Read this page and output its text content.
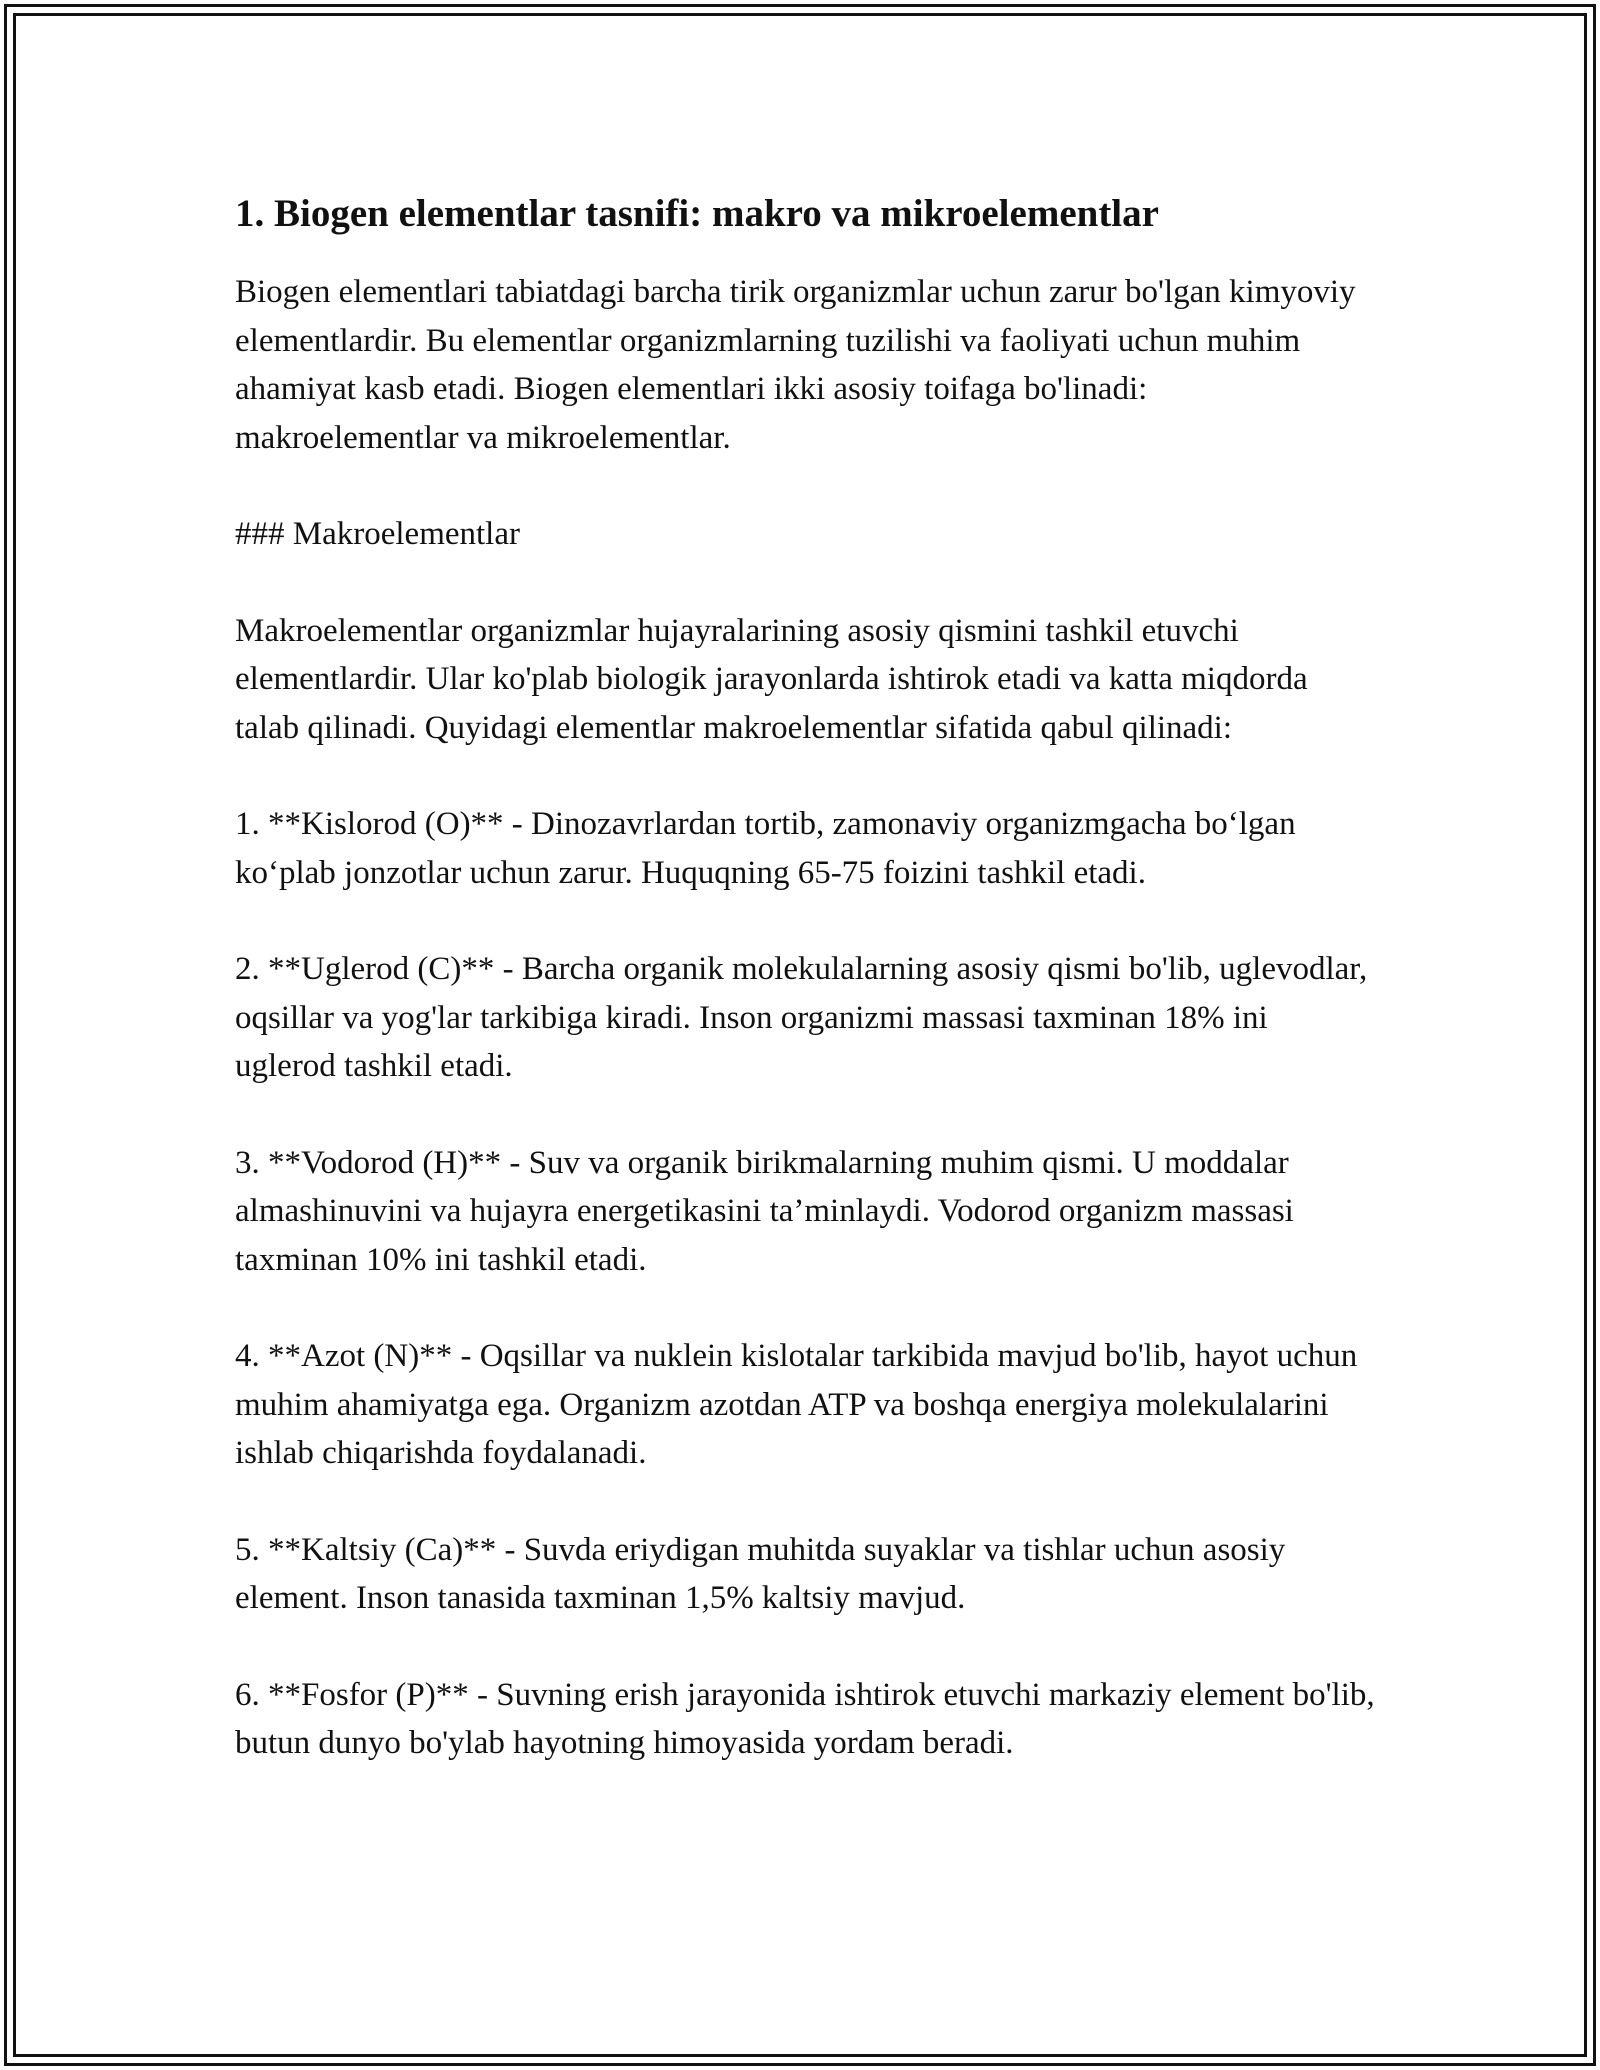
1. Biogen elementlar tasnifi: makro va mikroelementlar

Biogen elementlari tabiatdagi barcha tirik organizmlar uchun zarur bo'lgan kimyoviy elementlardir. Bu elementlar organizmlarning tuzilishi va faoliyati uchun muhim ahamiyat kasb etadi. Biogen elementlari ikki asosiy toifaga bo'linadi: makroelementlar va mikroelementlar.

### Makroelementlar

Makroelementlar organizmlar hujayralarining asosiy qismini tashkil etuvchi elementlardir. Ular ko'plab biologik jarayonlarda ishtirok etadi va katta miqdorda talab qilinadi. Quyidagi elementlar makroelementlar sifatida qabul qilinadi:

1. **Kislorod (O)** - Dinozavrlardan tortib, zamonaviy organizmgacha bo‘lgan ko‘plab jonzotlar uchun zarur. Huquqning 65-75 foizini tashkil etadi.

2. **Uglerod (C)** - Barcha organik molekulalarning asosiy qismi bo'lib, uglevodlar, oqsillar va yog'lar tarkibiga kiradi. Inson organizmi massasi taxminan 18% ini uglerod tashkil etadi.

3. **Vodorod (H)** - Suv va organik birikmalarning muhim qismi. U moddalar almashinuvini va hujayra energetikasini ta’minlaydi. Vodorod organizm massasi taxminan 10% ini tashkil etadi.

4. **Azot (N)** - Oqsillar va nuklein kislotalar tarkibida mavjud bo'lib, hayot uchun muhim ahamiyatga ega. Organizm azotdan ATP va boshqa energiya molekulalarini ishlab chiqarishda foydalanadi.

5. **Kaltsiy (Ca)** - Suvda eriydigan muhitda suyaklar va tishlar uchun asosiy element. Inson tanasida taxminan 1,5% kaltsiy mavjud.

6. **Fosfor (P)** - Suvning erish jarayonida ishtirok etuvchi markaziy element bo'lib, butun dunyo bo'ylab hayotning himoyasida yordam beradi.
